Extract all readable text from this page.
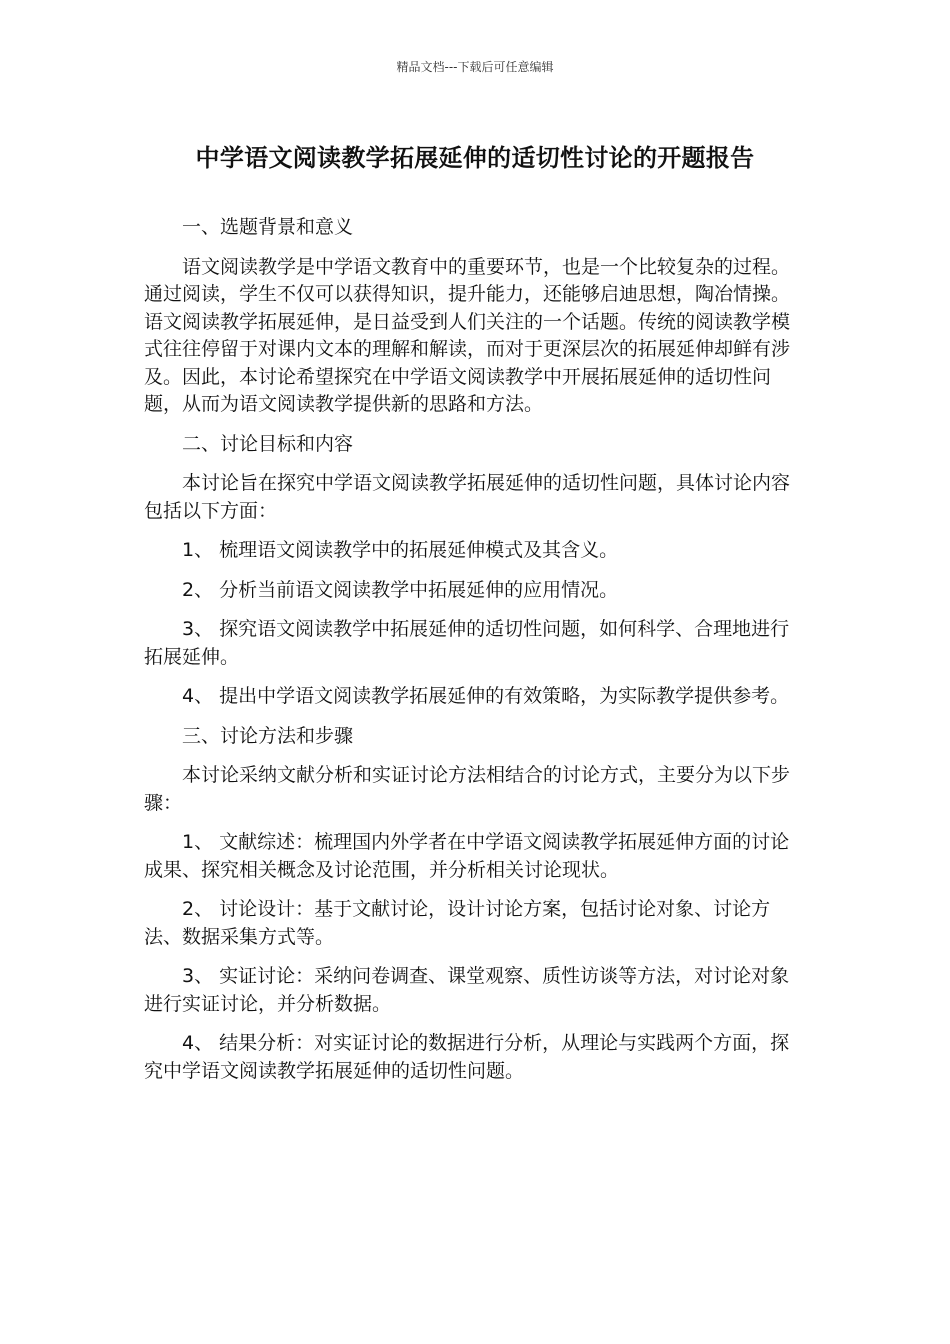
精品文档---下载后可任意编辑
中学语文阅读教学拓展延伸的适切性讨论的开题报告

一、选题背景和意义

语文阅读教学是中学语文教育中的重要环节，也是一个比较复杂的过程。通过阅读，学生不仅可以获得知识，提升能力，还能够启迪思想，陶冶情操。语文阅读教学拓展延伸，是日益受到人们关注的一个话题。传统的阅读教学模式往往停留于对课内文本的理解和解读，而对于更深层次的拓展延伸却鲜有涉及。因此，本讨论希望探究在中学语文阅读教学中开展拓展延伸的适切性问题，从而为语文阅读教学提供新的思路和方法。

二、讨论目标和内容

本讨论旨在探究中学语文阅读教学拓展延伸的适切性问题，具体讨论内容包括以下方面：

1、 梳理语文阅读教学中的拓展延伸模式及其含义。

2、 分析当前语文阅读教学中拓展延伸的应用情况。

3、 探究语文阅读教学中拓展延伸的适切性问题，如何科学、合理地进行拓展延伸。

4、 提出中学语文阅读教学拓展延伸的有效策略，为实际教学提供参考。

三、讨论方法和步骤

本讨论采纳文献分析和实证讨论方法相结合的讨论方式，主要分为以下步骤：

1、 文献综述：梳理国内外学者在中学语文阅读教学拓展延伸方面的讨论成果、探究相关概念及讨论范围，并分析相关讨论现状。

2、 讨论设计：基于文献讨论，设计讨论方案，包括讨论对象、讨论方法、数据采集方式等。

3、 实证讨论：采纳问卷调查、课堂观察、质性访谈等方法，对讨论对象进行实证讨论，并分析数据。

4、 结果分析：对实证讨论的数据进行分析，从理论与实践两个方面，探究中学语文阅读教学拓展延伸的适切性问题。
